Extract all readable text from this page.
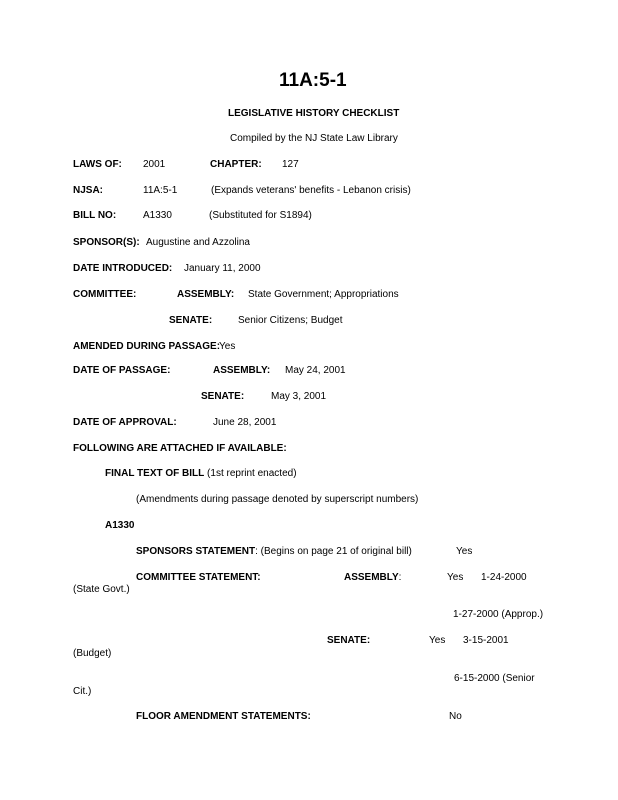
11A:5-1
LEGISLATIVE HISTORY CHECKLIST
Compiled by the NJ State Law Library
LAWS OF: 2001	CHAPTER: 127
NJSA:	11A:5-1	(Expands veterans' benefits - Lebanon crisis)
BILL NO:	A1330	(Substituted for S1894)
SPONSOR(S): Augustine and Azzolina
DATE INTRODUCED: January 11, 2000
COMMITTEE:	ASSEMBLY: State Government; Appropriations
SENATE:	Senior Citizens; Budget
AMENDED DURING PASSAGE:
Yes
DATE OF PASSAGE:	ASSEMBLY: May 24, 2001
SENATE:	May 3, 2001
DATE OF APPROVAL:	June 28, 2001
FOLLOWING ARE ATTACHED IF AVAILABLE:
FINAL TEXT OF BILL (1st reprint enacted)
(Amendments during passage denoted by superscript numbers)
A1330
SPONSORS STATEMENT: (Begins on page 21 of original bill)	Yes
COMMITTEE STATEMENT:	ASSEMBLY:	Yes 1-24-2000
(State Govt.)
1-27-2000 (Approp.)
SENATE:	Yes 3-15-2001
(Budget)
6-15-2000 (Senior
Cit.)
FLOOR AMENDMENT STATEMENTS:	No
